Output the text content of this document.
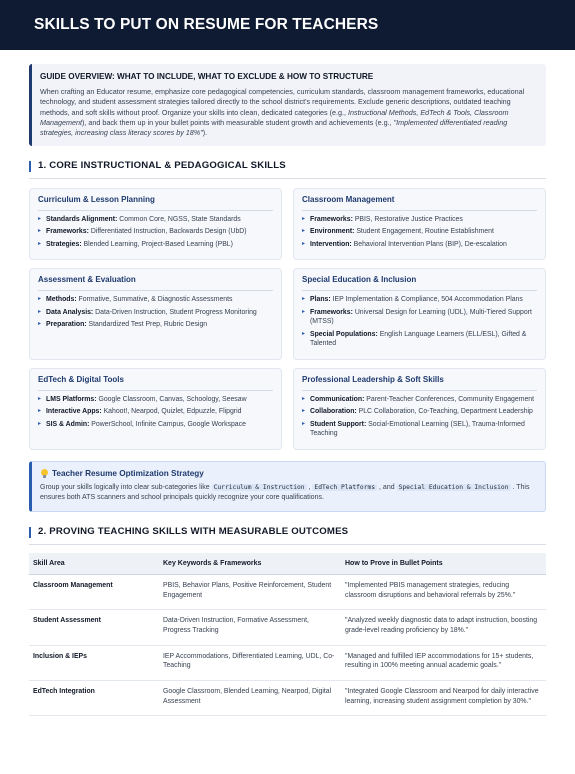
SKILLS TO PUT ON RESUME FOR TEACHERS
GUIDE OVERVIEW: WHAT TO INCLUDE, WHAT TO EXCLUDE & HOW TO STRUCTURE

When crafting an Educator resume, emphasize core pedagogical competencies, curriculum standards, classroom management frameworks, educational technology, and student assessment strategies tailored directly to the school district's requirements. Exclude generic descriptions, outdated teaching methods, and soft skills without proof. Organize your skills into clean, dedicated categories (e.g., Instructional Methods, EdTech & Tools, Classroom Management), and back them up in your bullet points with measurable student growth and achievements (e.g., "Implemented differentiated reading strategies, increasing class literacy scores by 18%").

1. CORE INSTRUCTIONAL & PEDAGOGICAL SKILLS
Curriculum & Lesson Planning
▸ Standards Alignment: Common Core, NGSS, State Standards
▸ Frameworks: Differentiated Instruction, Backwards Design (UbD)
▸ Strategies: Blended Learning, Project-Based Learning (PBL)
Classroom Management
▸ Frameworks: PBIS, Restorative Justice Practices
▸ Environment: Student Engagement, Routine Establishment
▸ Intervention: Behavioral Intervention Plans (BIP), De-escalation
Assessment & Evaluation
▸ Methods: Formative, Summative, & Diagnostic Assessments
▸ Data Analysis: Data-Driven Instruction, Student Progress Monitoring
▸ Preparation: Standardized Test Prep, Rubric Design
Special Education & Inclusion
▸ Plans: IEP Implementation & Compliance, 504 Accommodation Plans
▸ Frameworks: Universal Design for Learning (UDL), Multi-Tiered Support (MTSS)
▸ Special Populations: English Language Learners (ELL/ESL), Gifted & Talented
EdTech & Digital Tools
▸ LMS Platforms: Google Classroom, Canvas, Schoology, Seesaw
▸ Interactive Apps: Kahoot!, Nearpod, Quizlet, Edpuzzle, Flipgrid
▸ SIS & Admin: PowerSchool, Infinite Campus, Google Workspace
Professional Leadership & Soft Skills
▸ Communication: Parent-Teacher Conferences, Community Engagement
▸ Collaboration: PLC Collaboration, Co-Teaching, Department Leadership
▸ Student Support: Social-Emotional Learning (SEL), Trauma-Informed Teaching
Teacher Resume Optimization Strategy

Group your skills logically into clear sub-categories like Curriculum & Instruction , EdTech Platforms , and Special Education & Inclusion . This ensures both ATS scanners and school principals quickly recognize your core qualifications.

2. PROVING TEACHING SKILLS WITH MEASURABLE OUTCOMES
Skill Area	Key Keywords & Frameworks	How to Prove in Bullet Points
Classroom Management	PBIS, Behavior Plans, Positive Reinforcement, Student Engagement	"Implemented PBIS management strategies, reducing classroom disruptions and behavioral referrals by 25%."
Student Assessment	Data-Driven Instruction, Formative Assessment, Progress Tracking	"Analyzed weekly diagnostic data to adapt instruction, boosting grade-level reading proficiency by 18%."
Inclusion & IEPs	IEP Accommodations, Differentiated Learning, UDL, Co-Teaching	"Managed and fulfilled IEP accommodations for 15+ students, resulting in 100% meeting annual academic goals."
EdTech Integration	Google Classroom, Blended Learning, Nearpod, Digital Assessment	"Integrated Google Classroom and Nearpod for daily interactive learning, increasing student assignment completion by 30%."
